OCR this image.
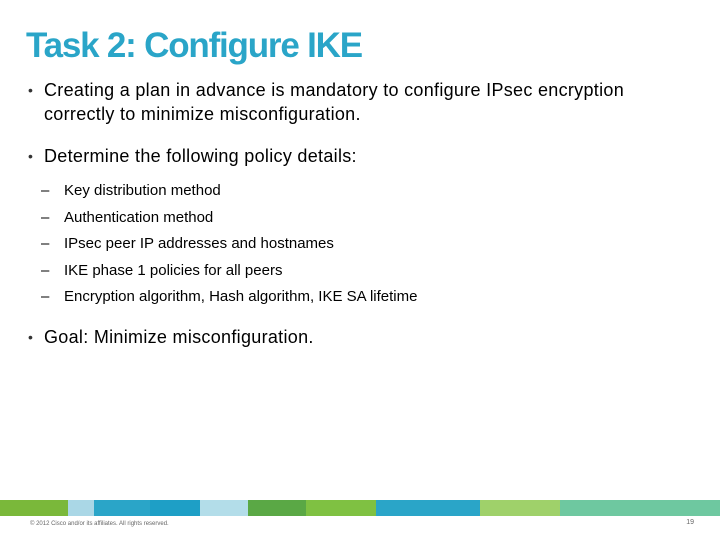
Task 2: Configure IKE
• Creating a plan in advance is mandatory to configure IPsec encryption correctly to minimize misconfiguration.
• Determine the following policy details:
– Key distribution method
– Authentication method
– IPsec peer IP addresses and hostnames
– IKE phase 1 policies for all peers
– Encryption algorithm, Hash algorithm, IKE SA lifetime
• Goal: Minimize misconfiguration.
© 2012 Cisco and/or its affiliates. All rights reserved.	19
